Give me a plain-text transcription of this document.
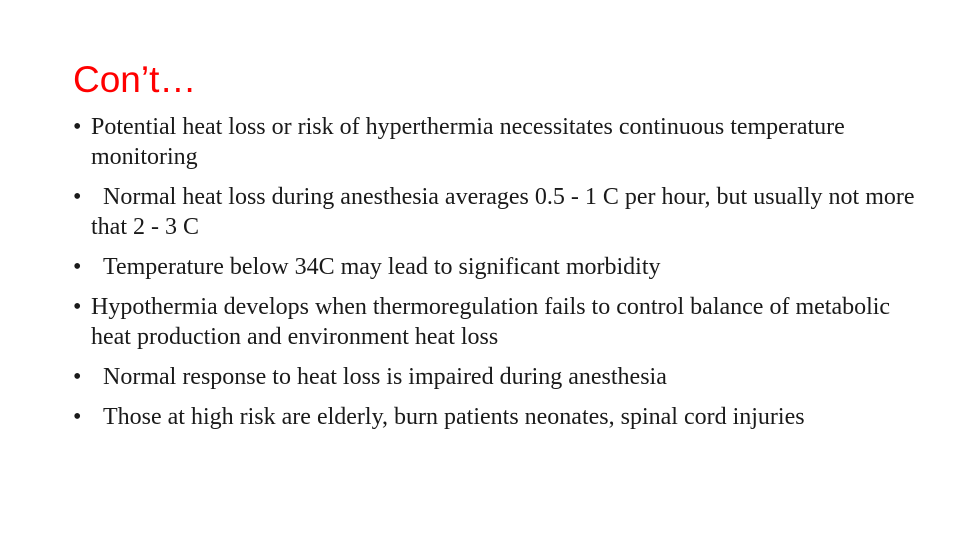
Con’t…
• Potential heat loss or risk of hyperthermia necessitates continuous temperature monitoring
• Normal heat loss during anesthesia averages 0.5 - 1 C per hour, but usually not more that 2 - 3 C
• Temperature below 34C may lead to significant morbidity
• Hypothermia develops when thermoregulation fails to control balance of metabolic heat production and environment heat loss
• Normal response to heat loss is impaired during anesthesia
• Those at high risk are elderly, burn patients neonates, spinal cord injuries
